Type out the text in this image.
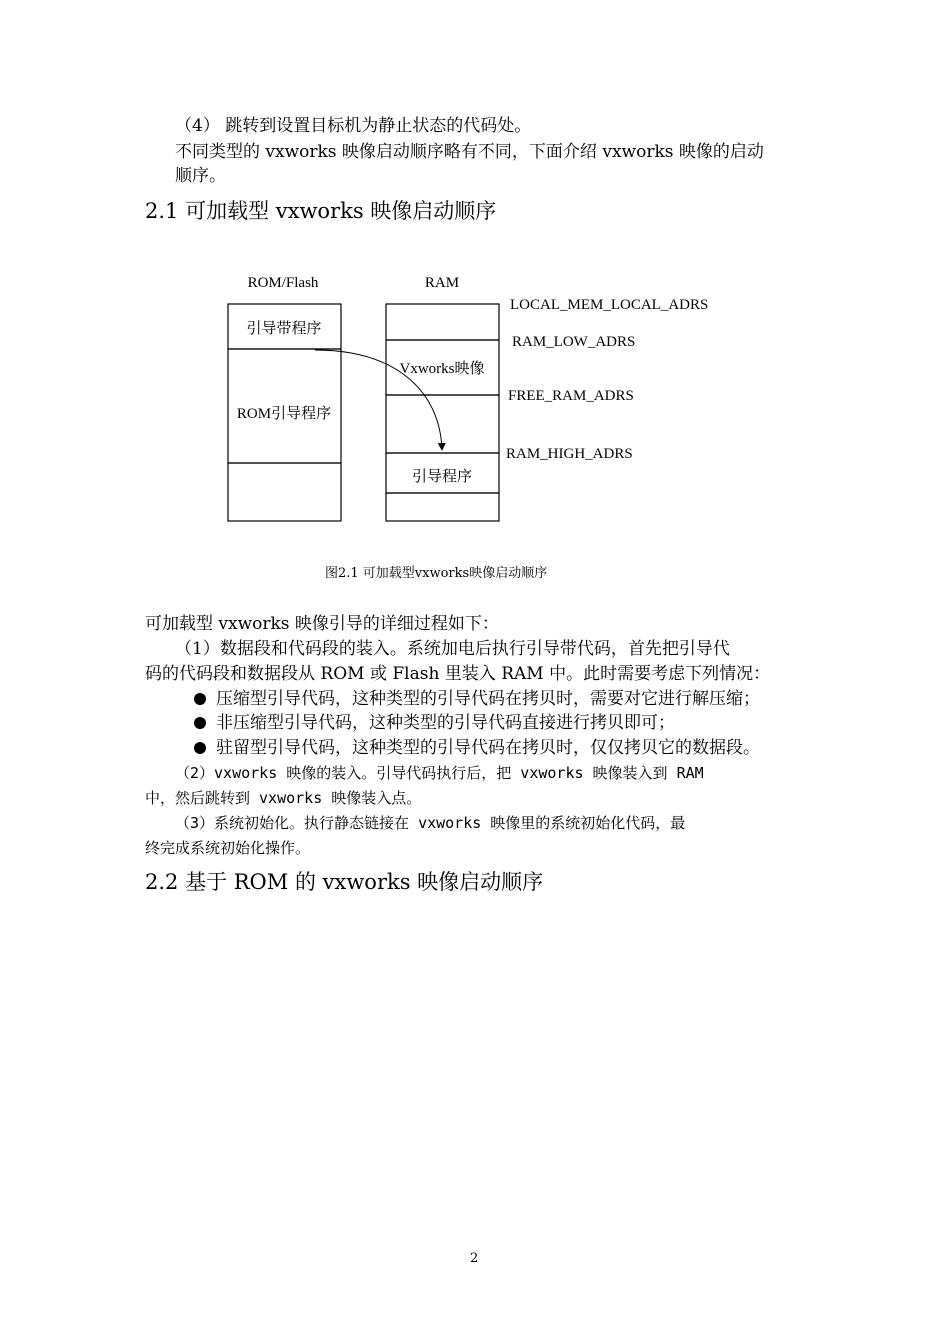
（4） 跳转到设置目标机为静止状态的代码处。
不同类型的 vxworks 映像启动顺序略有不同，下面介绍 vxworks 映像的启动
顺序。
2.1 可加载型 vxworks 映像启动顺序
ROM/Flash	RAM
引导带程序
ROM引导程序
Vxworks映像
引导程序
LOCAL_MEM_LOCAL_ADRS
RAM_LOW_ADRS
FREE_RAM_ADRS
RAM_HIGH_ADRS
图2.1 可加载型vxworks映像启动顺序
可加载型 vxworks 映像引导的详细过程如下：
（1）数据段和代码段的装入。系统加电后执行引导带代码，首先把引导代
码的代码段和数据段从 ROM 或 Flash 里装入 RAM 中。此时需要考虑下列情况：
压缩型引导代码，这种类型的引导代码在拷贝时，需要对它进行解压缩；
非压缩型引导代码，这种类型的引导代码直接进行拷贝即可；
驻留型引导代码，这种类型的引导代码在拷贝时，仅仅拷贝它的数据段。
（2）vxworks 映像的装入。引导代码执行后，把 vxworks 映像装入到 RAM
中，然后跳转到 vxworks 映像装入点。
（3）系统初始化。执行静态链接在 vxworks 映像里的系统初始化代码，最
终完成系统初始化操作。
2.2 基于 ROM 的 vxworks 映像启动顺序
2
